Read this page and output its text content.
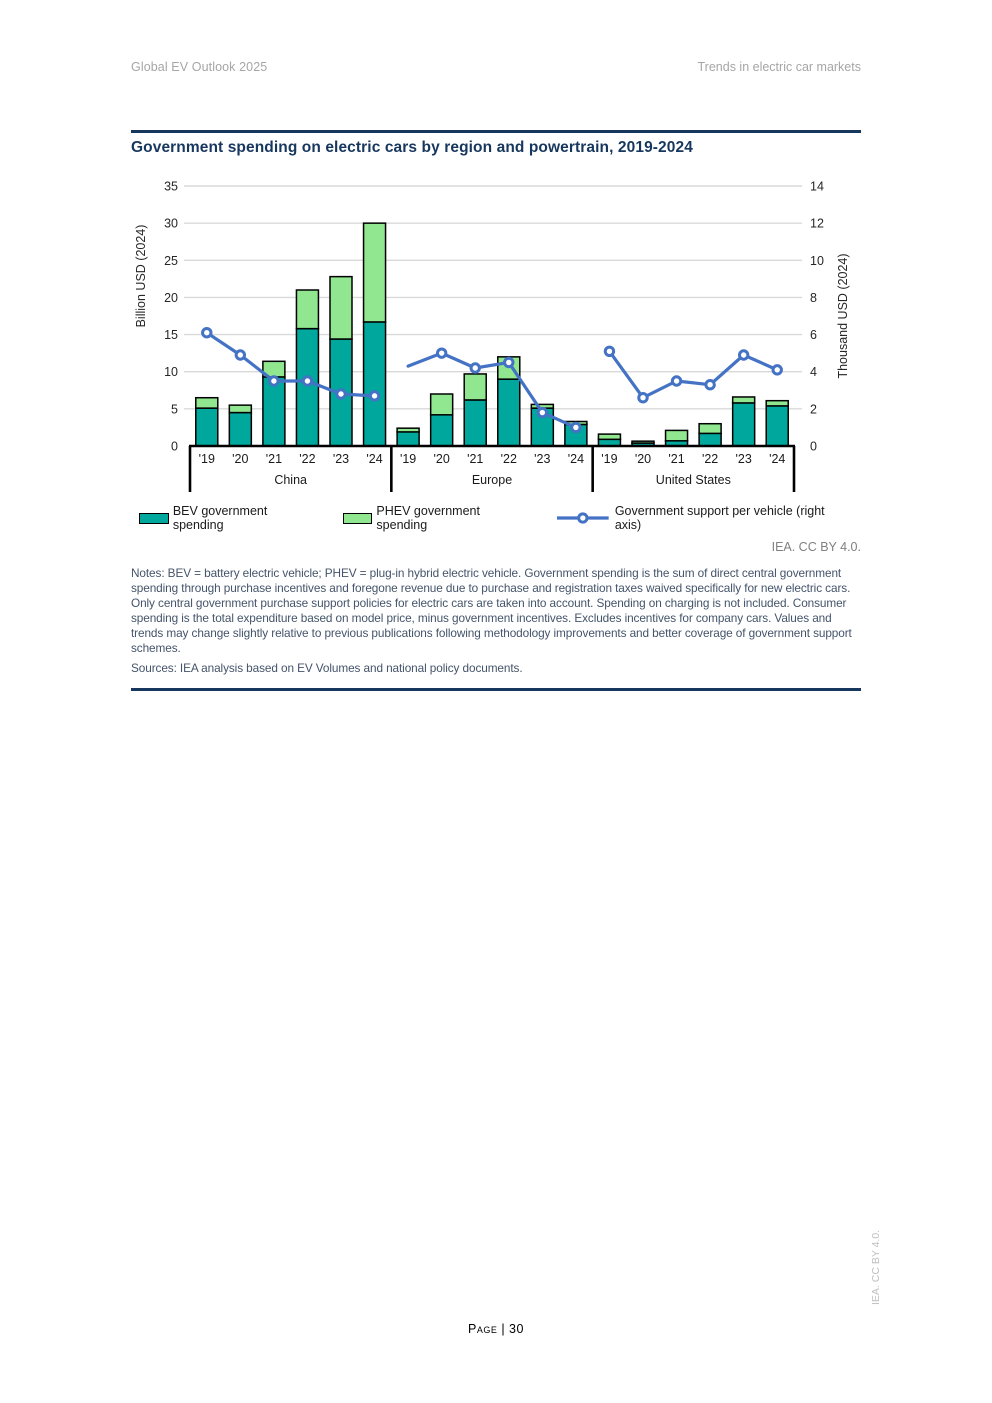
Global EV Outlook 2025	Trends in electric car markets
Government spending on electric cars by region and powertrain, 2019-2024
0
5
10
15
20
25
30
35
0
2
4
6
8
10
12
14
Billion USD (2024)	Thousand USD (2024)
'19 '20 '21 '22 '23 '24
China
'19 '20 '21 '22 '23 '24
Europe
'19 '20 '21 '22 '23 '24
United States
BEV government spending
PHEV government spending
Government support per vehicle (right axis)
IEA. CC BY 4.0.
Notes: BEV = battery electric vehicle; PHEV = plug-in hybrid electric vehicle. Government spending is the sum of direct central government spending through purchase incentives and foregone revenue due to purchase and registration taxes waived specifically for new electric cars. Only central government purchase support policies for electric cars are taken into account. Spending on charging is not included. Consumer spending is the total expenditure based on model price, minus government incentives. Excludes incentives for company cars. Values and trends may change slightly relative to previous publications following methodology improvements and better coverage of government support schemes.
Sources: IEA analysis based on EV Volumes and national policy documents.
Page | 30
IEA. CC BY 4.0.
